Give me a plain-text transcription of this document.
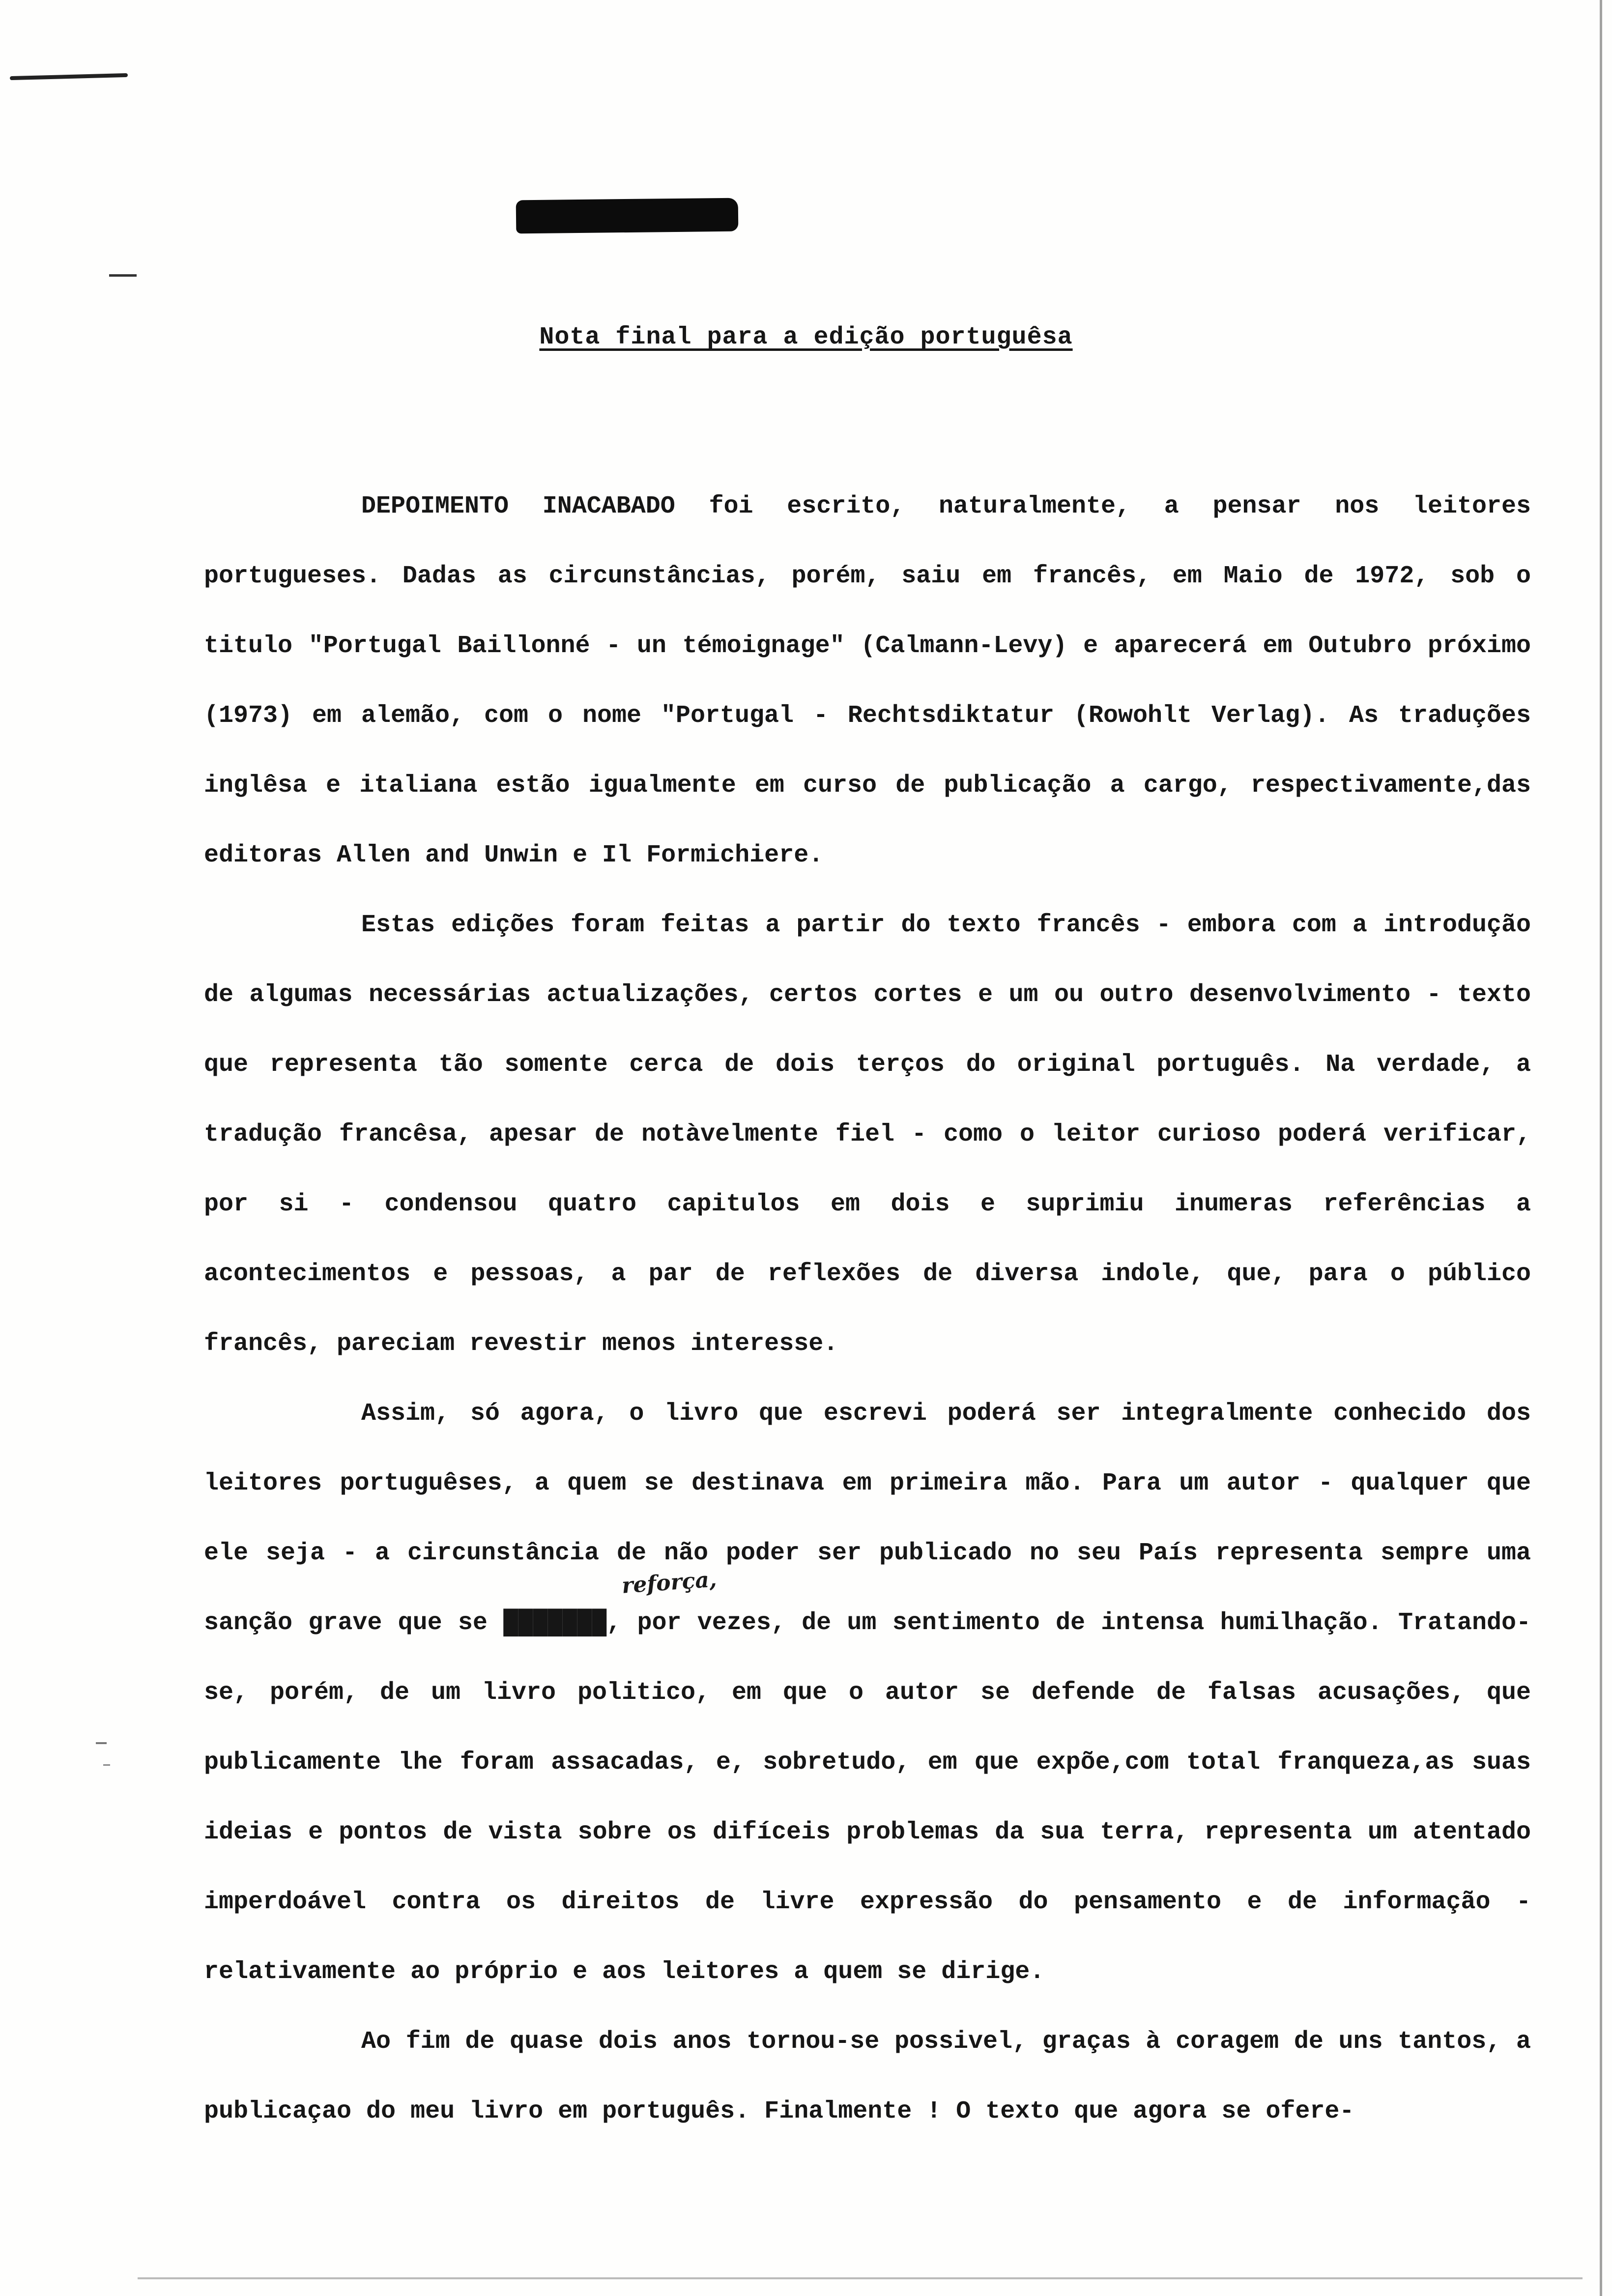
Nota final para a edição portuguêsa

DEPOIMENTO INACABADO foi escrito, naturalmente, a pensar nos leitores portugueses. Dadas as circunstâncias, porém, saiu em francês, em Maio de 1972, sob o titulo "Portugal Baillonné - un témoignage" (Calmann-Levy) e aparecerá em Outubro próximo (1973) em alemão, com o nome "Portugal - Rechtsdiktatur (Rowohlt Verlag). As traduções inglêsa e italiana estão igualmente em curso de publicação a cargo, respectivamente,das editoras Allen and Unwin e Il Formichiere.

Estas edições foram feitas a partir do texto francês - embora com a introdução de algumas necessárias actualizações, certos cortes e um ou outro desenvolvimento - texto que representa tão somente cerca de dois terços do original português. Na verdade, a tradução francêsa, apesar de notàvelmente fiel - como o leitor curioso poderá verificar, por si - condensou quatro capitulos em dois e suprimiu inumeras referências a acontecimentos e pessoas, a par de reflexões de diversa indole, que, para o público francês, pareciam revestir menos interesse.

Assim, só agora, o livro que escrevi poderá ser integralmente conhecido dos leitores portuguêses, a quem se destinava em primeira mão. Para um autor - qualquer que ele seja - a circunstância de não poder ser publicado no seu País representa sempre uma sanção grave que se ███████, por vezes, de um sentimento de intensa humilhação. Tratando-se, porém, de um livro politico, em que o autor se defende de falsas acusações, que publicamente lhe foram assacadas, e, sobretudo, em que expõe,com total franqueza,as suas ideias e pontos de vista sobre os difíceis problemas da sua terra, representa um atentado imperdoável contra os direitos de livre expressão do pensamento e de informação - relativamente ao próprio e aos leitores a quem se dirige.

Ao fim de quase dois anos tornou-se possivel, graças à coragem de uns tantos, a publicaçao do meu livro em português. Finalmente ! O texto que agora se ofere-

reforça,
